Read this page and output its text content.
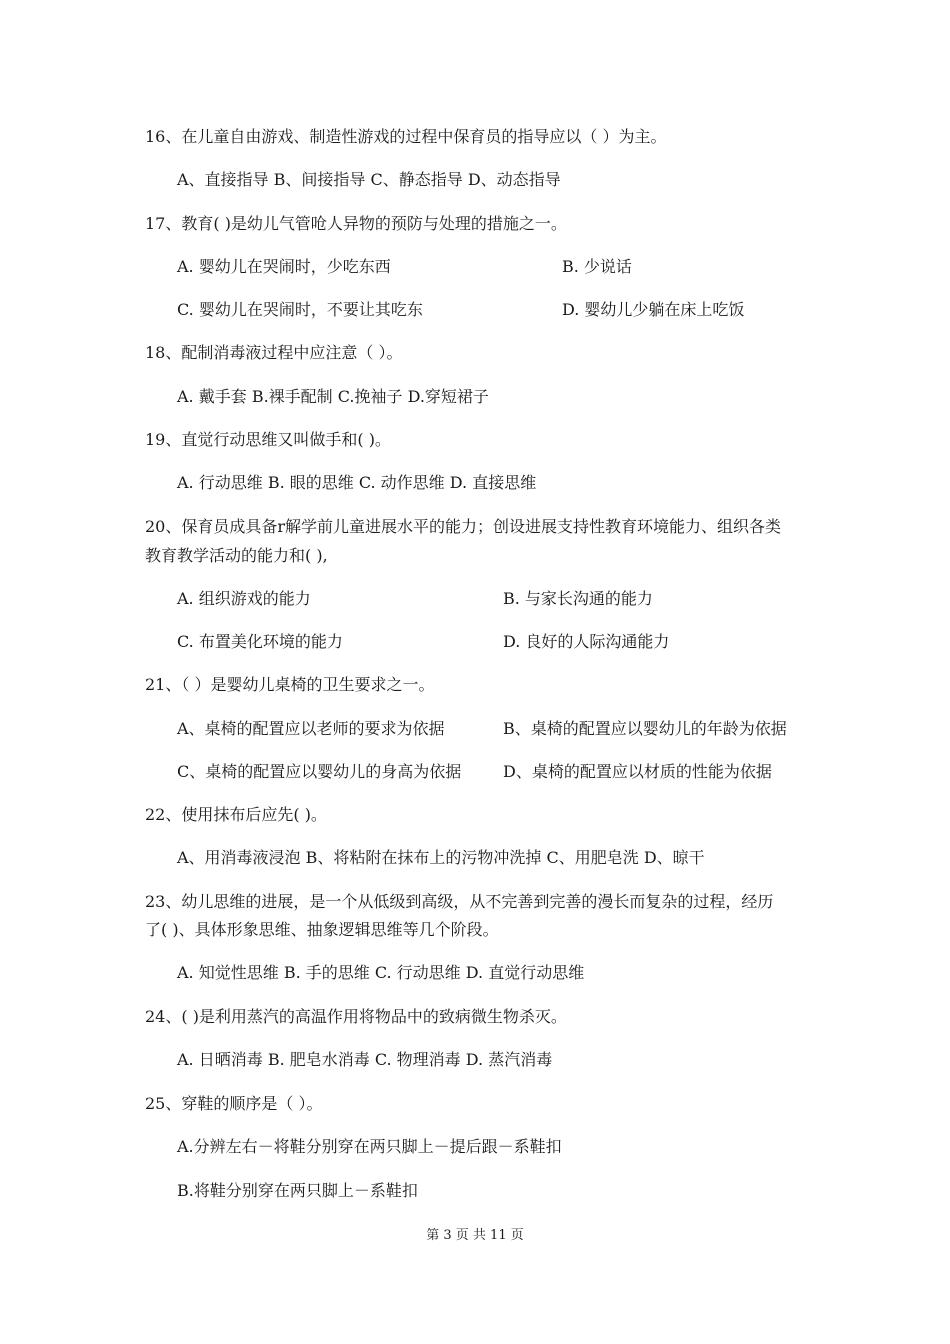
16、在儿童自由游戏、制造性游戏的过程中保育员的指导应以（ ）为主。
A、直接指导 B、间接指导 C、静态指导 D、动态指导
17、教育( )是幼儿气管呛人异物的预防与处理的措施之一。
A. 婴幼儿在哭闹时，少吃东西	B. 少说话
C. 婴幼儿在哭闹时，不要让其吃东	D. 婴幼儿少躺在床上吃饭
18、配制消毒液过程中应注意（ ）。
A. 戴手套 B.裸手配制 C.挽袖子 D.穿短裙子
19、直觉行动思维又叫做手和( )。
A. 行动思维 B. 眼的思维 C. 动作思维 D. 直接思维
20、保育员成具备r解学前儿童进展水平的能力；创设进展支持性教育环境能力、组织各类
教育教学活动的能力和( ),
A. 组织游戏的能力	B. 与家长沟通的能力
C. 布置美化环境的能力	D. 良好的人际沟通能力
21、（ ）是婴幼儿桌椅的卫生要求之一。
A、桌椅的配置应以老师的要求为依据	B、桌椅的配置应以婴幼儿的年龄为依据
C、桌椅的配置应以婴幼儿的身高为依据	D、桌椅的配置应以材质的性能为依据
22、使用抹布后应先( )。
A、用消毒液浸泡 B、将粘附在抹布上的污物冲洗掉 C、用肥皂洗 D、晾干
23、幼儿思维的进展，是一个从低级到高级，从不完善到完善的漫长而复杂的过程，经历
了( )、具体形象思维、抽象逻辑思维等几个阶段。
A. 知觉性思维 B. 手的思维 C. 行动思维 D. 直觉行动思维
24、( )是利用蒸汽的高温作用将物品中的致病微生物杀灭。
A. 日晒消毒 B. 肥皂水消毒 C. 物理消毒 D. 蒸汽消毒
25、穿鞋的顺序是（ ）。
A.分辨左右－将鞋分别穿在两只脚上－提后跟－系鞋扣
B.将鞋分别穿在两只脚上－系鞋扣
第 3 页 共 11 页
